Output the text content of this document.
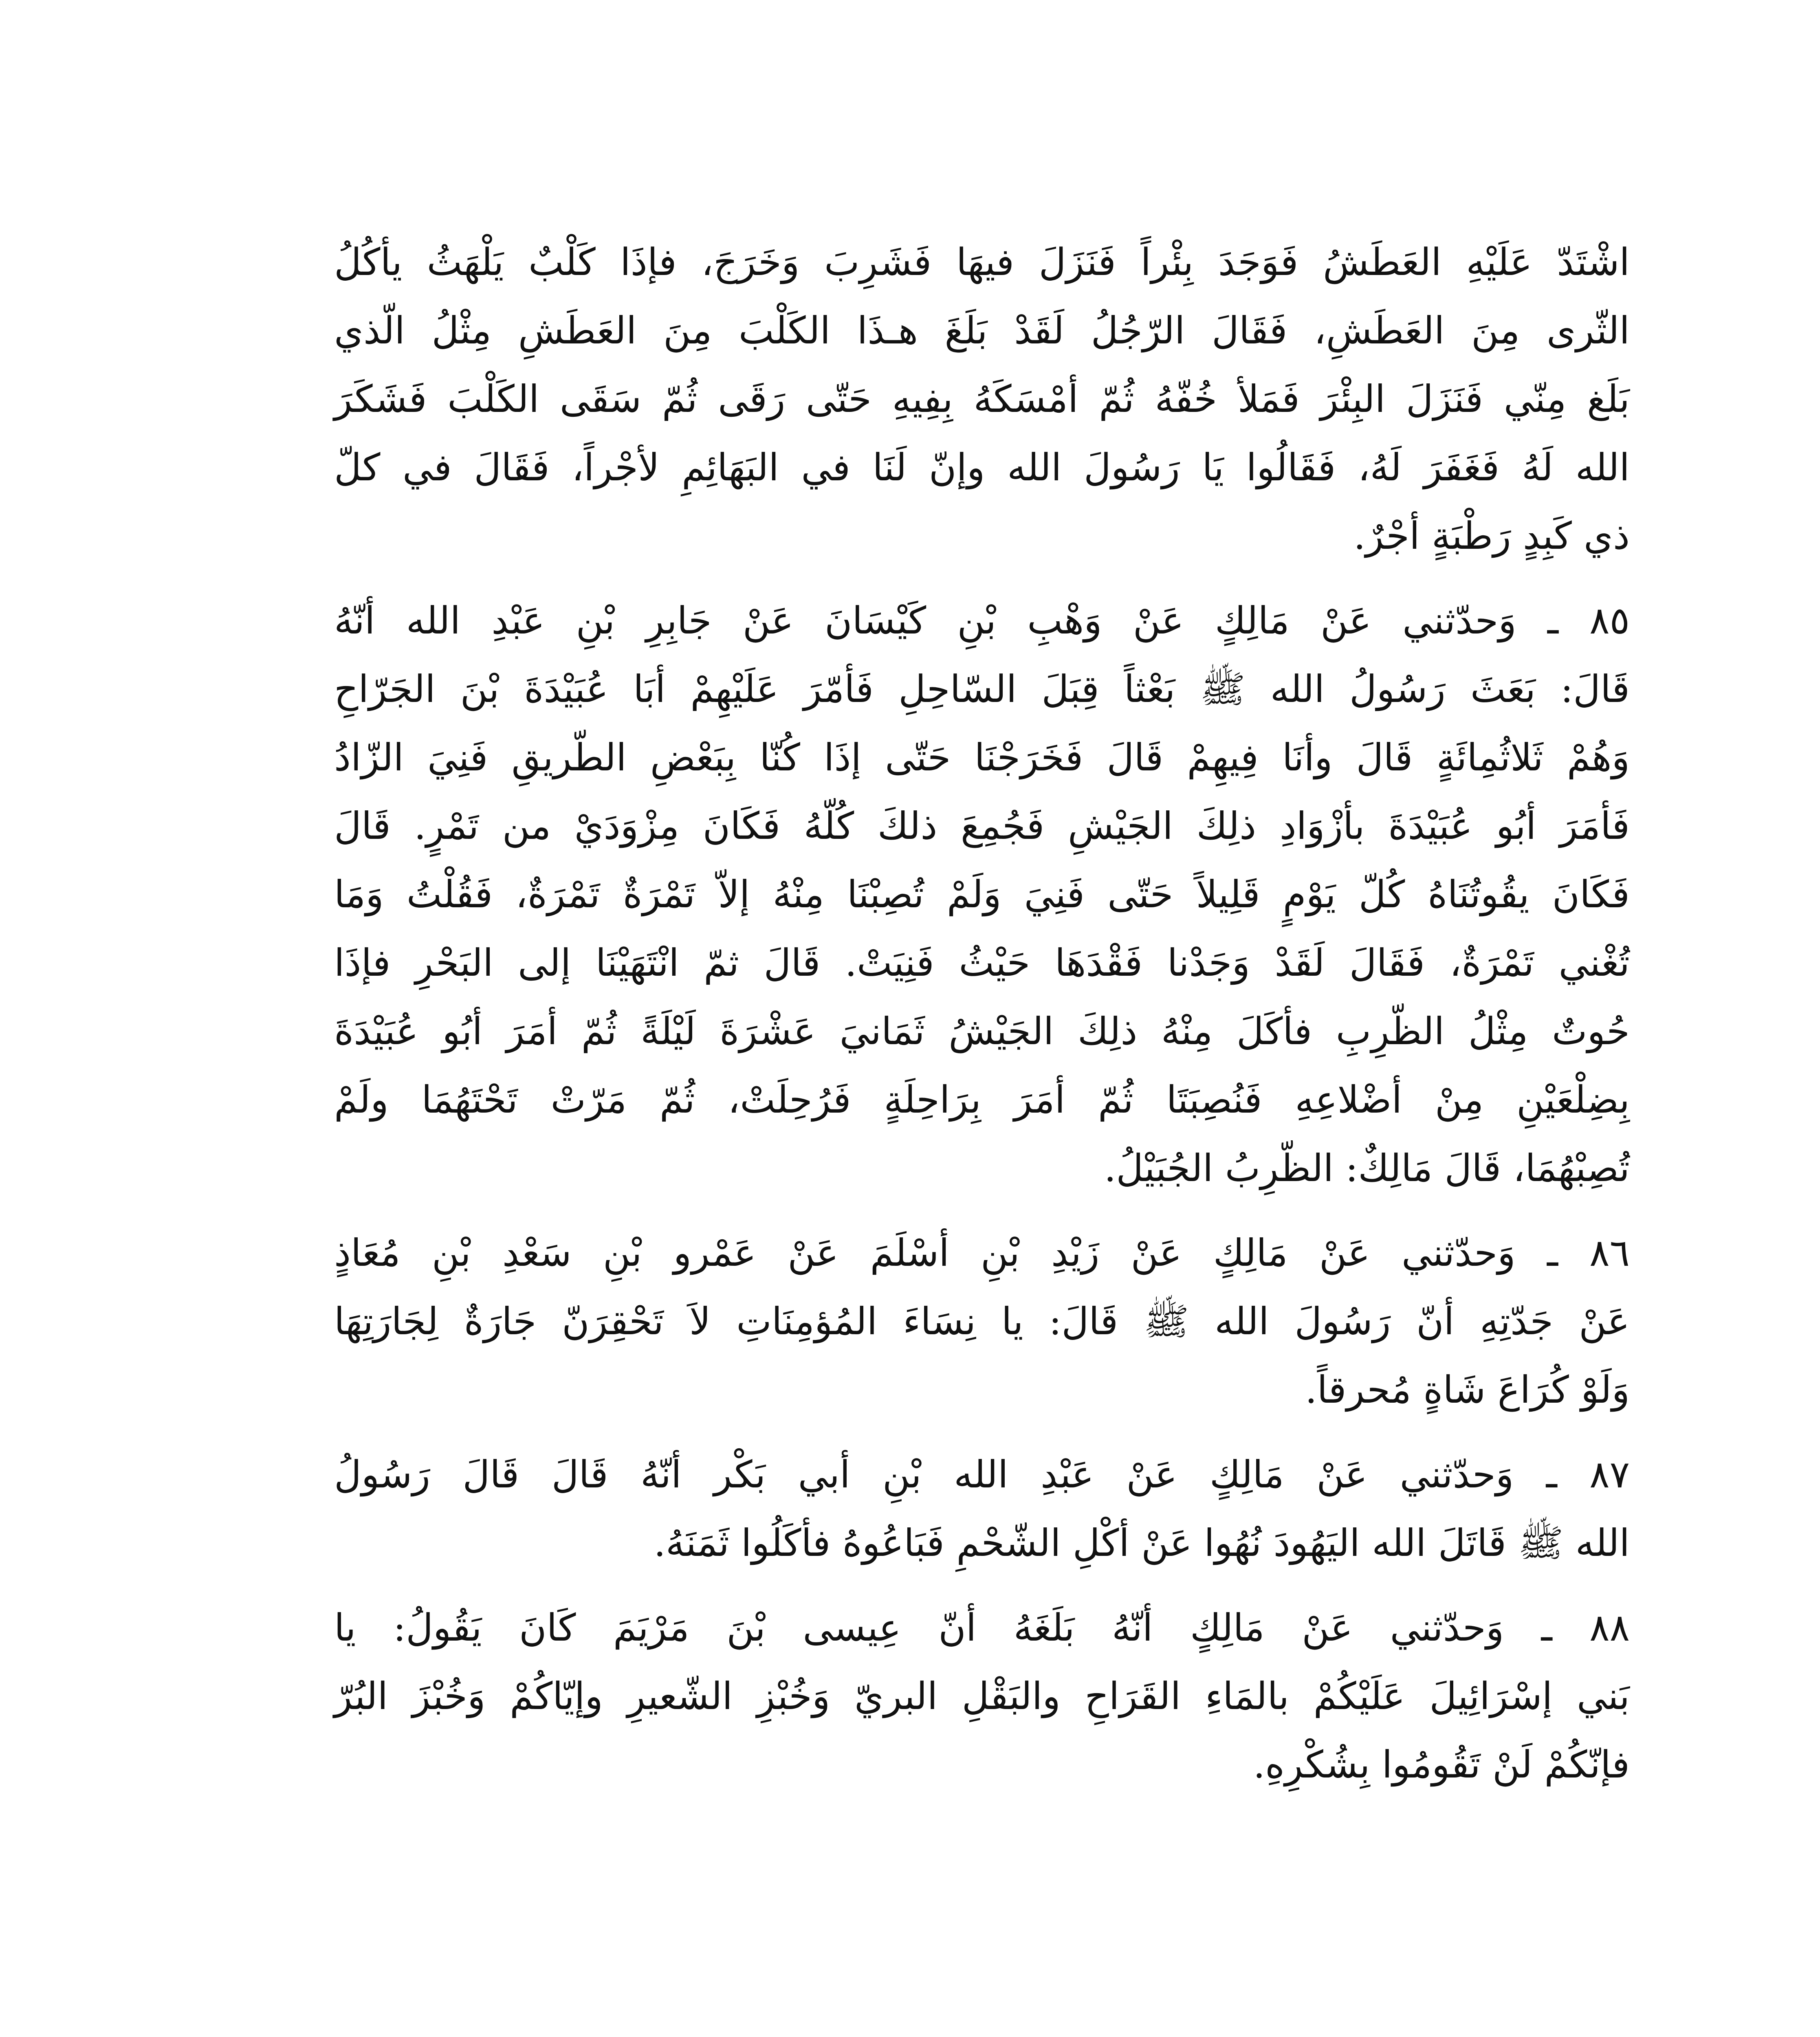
اشْتَدّ عَلَيْهِ العَطَشُ فَوَجَدَ بِئْراً فَنَزَلَ فيهَا فَشَرِبَ وَخَرَجَ، فإذَا كَلْبٌ يَلْهَثُ يأكُلُ
الثّرى مِنَ العَطَشِ، فَقَالَ الرّجُلُ لَقَدْ بَلَغَ هـذَا الكَلْبَ مِنَ العَطَشِ مِثْلُ الّذي
بَلَغ مِنّي فَنَزَلَ البِئْرَ فَمَلأ خُفّهُ ثُمّ أمْسَكَهُ بِفِيهِ حَتّى رَقَى ثُمّ سَقَى الكَلْبَ فَشَكَرَ
الله لَهُ فَغَفَرَ لَهُ، فَقَالُوا يَا رَسُولَ الله وإنّ لَنَا في البَهَائِمِ لأجْراً، فَقَالَ في كلّ
ذي كَبِدٍ رَطْبَةٍ أجْرٌ.
٨٥ ـ وَحدّثني عَنْ مَالِكٍ عَنْ وَهْبِ بْنِ كَيْسَانَ عَنْ جَابِرِ بْنِ عَبْدِ الله أنّهُ
قَالَ: بَعَثَ رَسُولُ الله ﷺ بَعْثاً قِبَلَ السّاحِلِ فَأمّرَ عَلَيْهِمْ أبَا عُبَيْدَةَ بْنَ الجَرّاحِ
وَهُمْ ثَلاثُمِائَةٍ قَالَ وأنَا فِيهِمْ قَالَ فَخَرَجْنَا حَتّى إذَا كُنّا بِبَعْضِ الطّريقِ فَنِيَ الزّادُ
فَأمَرَ أبُو عُبَيْدَةَ بأزْوَادِ ذلِكَ الجَيْشِ فَجُمِعَ ذلكَ كُلّهُ فَكَانَ مِزْوَدَيْ من تَمْرٍ. قَالَ
فَكَانَ يقُوتُنَاهُ كُلّ يَوْمٍ قَلِيلاً حَتّى فَنِيَ وَلَمْ تُصِبْنَا مِنْهُ إلاّ تَمْرَةٌ تَمْرَةٌ، فَقُلْتُ وَمَا
تُغْني تَمْرَةٌ، فَقَالَ لَقَدْ وَجَدْنا فَقْدَهَا حَيْثُ فَنِيَتْ. قَالَ ثمّ انْتَهَيْنَا إلى البَحْرِ فإذَا
حُوتٌ مِثْلُ الظّرِبِ فأكَلَ مِنْهُ ذلِكَ الجَيْشُ ثَمَانيَ عَشْرَةَ لَيْلَةً ثُمّ أمَرَ أبُو عُبَيْدَةَ
بِضِلْعَيْنِ مِنْ أضْلاعِهِ فَنُصِبَتَا ثُمّ أمَرَ بِرَاحِلَةٍ فَرُحِلَتْ، ثُمّ مَرّتْ تَحْتَهُمَا ولَمْ
تُصِبْهُمَا، قَالَ مَالِكٌ: الظّرِبُ الجُبَيْلُ.
٨٦ ـ وَحدّثني عَنْ مَالِكٍ عَنْ زَيْدِ بْنِ أسْلَمَ عَنْ عَمْرو بْنِ سَعْدِ بْنِ مُعَاذٍ
عَنْ جَدّتِهِ أنّ رَسُولَ الله ﷺ قَالَ: يا نِسَاءَ المُؤمِنَاتِ لاَ تَحْقِرَنّ جَارَةٌ لِجَارَتِهَا
وَلَوْ كُرَاعَ شَاةٍ مُحرقاً.
٨٧ ـ وَحدّثني عَنْ مَالِكٍ عَنْ عَبْدِ الله بْنِ أبي بَكْر أنّهُ قَالَ قَالَ رَسُولُ
الله ﷺ قَاتَلَ الله اليَهُودَ نُهُوا عَنْ أكْلِ الشّحْمِ فَبَاعُوهُ فأكَلُوا ثَمَنَهُ.
٨٨ ـ وَحدّثني عَنْ مَالِكٍ أنّهُ بَلَغَهُ أنّ عِيسى بْنَ مَرْيَمَ كَانَ يَقُولُ: يا
بَني إسْرَائِيلَ عَلَيْكُمْ بالمَاءِ القَرَاحِ والبَقْلِ البريّ وَخُبْزِ الشّعيرِ وإيّاكُمْ وَخُبْزَ البُرّ
فإنّكُمْ لَنْ تَقُومُوا بِشُكْرِهِ.
